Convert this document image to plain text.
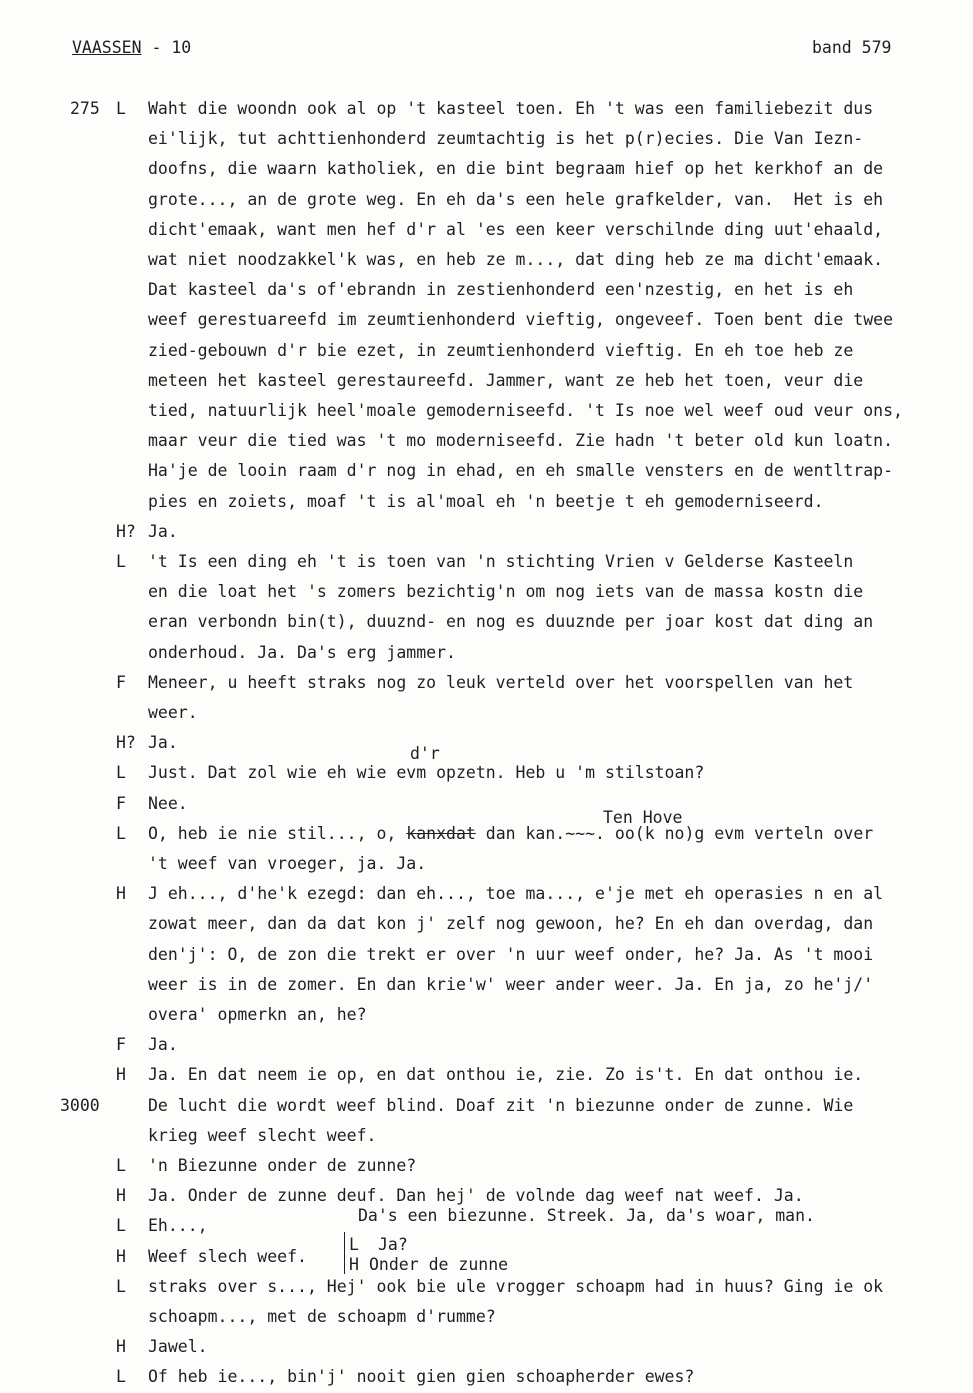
VAASSEN - 10	band 579
275 L Waht die woondn ook al op 't kasteel toen. Eh 't was een familiebezit dus
ei'lijk, tut achttienhonderd zeumtachtig is het p(r)ecies. Die Van Iezn-
doofns, die waarn katholiek, en die bint begraam hief op het kerkhof an de
grote..., an de grote weg. En eh da's een hele grafkelder, van.  Het is eh
dicht'emaak, want men hef d'r al 'es een keer verschilnde ding uut'ehaald,
wat niet noodzakkel'k was, en heb ze m..., dat ding heb ze ma dicht'emaak.
Dat kasteel da's of'ebrandn in zestienhonderd een'nzestig, en het is eh
weef gerestuareefd im zeumtienhonderd vieftig, ongeveef. Toen bent die twee
zied-gebouwn d'r bie ezet, in zeumtienhonderd vieftig. En eh toe heb ze
meteen het kasteel gerestaureefd. Jammer, want ze heb het toen, veur die
tied, natuurlijk heel'moale gemoderniseefd. 't Is noe wel weef oud veur ons,
maar veur die tied was 't mo moderniseefd. Zie hadn 't beter old kun loatn.
Ha'je de looin raam d'r nog in ehad, en eh smalle vensters en de wentltrap-
pies en zoiets, moaf 't is al'moal eh 'n beetje t eh gemoderniseerd.
H? Ja.
L 't Is een ding eh 't is toen van 'n stichting Vrien v Gelderse Kasteeln
en die loat het 's zomers bezichtig'n om nog iets van de massa kostn die
eran verbondn bin(t), duuznd- en nog es duuznde per joar kost dat ding an
onderhoud. Ja. Da's erg jammer.
F Meneer, u heeft straks nog zo leuk verteld over het voorspellen van het
weer.
H? Ja.
L Just. Dat zol wie eh wie evm opzetn. Heb u 'm stilstoan?
F Nee.
L O, heb ie nie stil..., o, kanxdat dan kan.~~~. oo(k no)g evm verteln over
't weef van vroeger, ja. Ja.
H J eh..., d'he'k ezegd: dan eh..., toe ma..., e'je met eh operasies n en al
zowat meer, dan da dat kon j' zelf nog gewoon, he? En eh dan overdag, dan
den'j': O, de zon die trekt er over 'n uur weef onder, he? Ja. As 't mooi
weer is in de zomer. En dan krie'w' weer ander weer. Ja. En ja, zo he'j/'
overa' opmerkn an, he?
F Ja.
H Ja. En dat neem ie op, en dat onthou ie, zie. Zo is't. En dat onthou ie.
3000	De lucht die wordt weef blind. Doaf zit 'n biezunne onder de zunne. Wie
krieg weef slecht weef.
L 'n Biezunne onder de zunne?
H Ja. Onder de zunne deuf. Dan hej' de volnde dag weef nat weef. Ja.
L Eh...,
H Weef slech weef.
L straks over s..., Hej' ook bie ule vrogger schoapm had in huus? Ging ie ok
schoapm..., met de schoapm d'rumme?
H Jawel.
L Of heb ie..., bin'j' nooit gien gien schoapherder ewes?
d'r
Ten Hove
Da's een biezunne. Streek. Ja, da's woar, man.
L Ja?
H Onder de zunne
